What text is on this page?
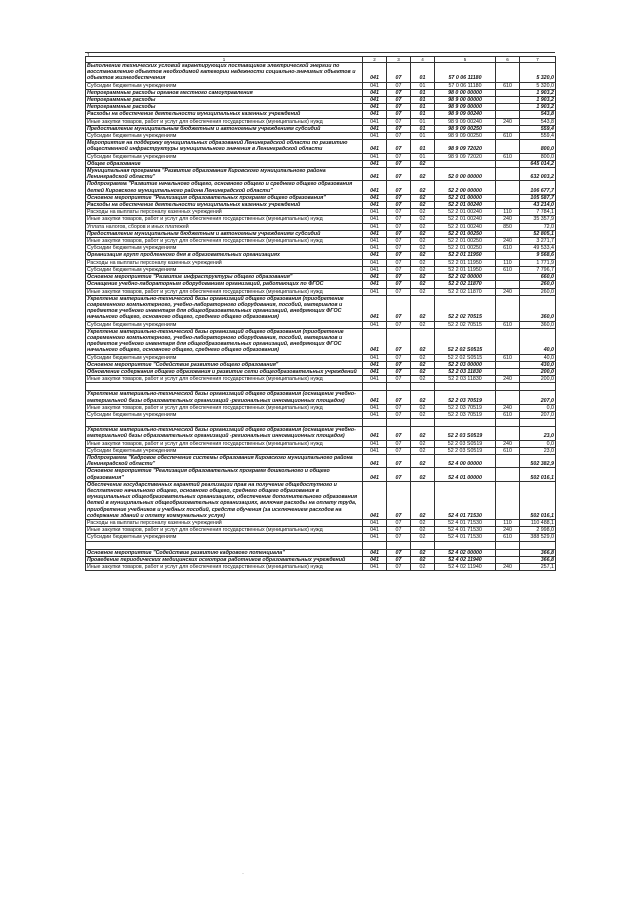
1
1	2	3	4	5	6	7
Выполнение технических условий гарантирующих поставщиков электрической энергии по восстановлению объектов необходимой категории надежности социально-значимых объектов и объектов жизнеобеспечения	041	07	01	57 0 06 11180		5 320,0
Субсидии бюджетным учреждениям	041	07	01	57 0 06 11180	610	5 320,0
Непрограммные расходы органов местного самоуправления	041	07	01	98 0 00 00000		1 903,2
Непрограммные расходы	041	07	01	98 9 00 00000		1 903,2
Непрограммные расходы	041	07	01	98 9 09 00000		1 903,2
Расходы на обеспечение деятельности муниципальных казенных учреждений	041	07	01	98 9 09 00240		543,8
Иные закупки товаров, работ и услуг для обеспечения государственных (муниципальных) нужд	041	07	01	98 9 09 00240	240	543,8
Предоставление муниципальным бюджетным и автономным учреждениям субсидий	041	07	01	98 9 09 00250		559,4
Субсидии бюджетным учреждениям	041	07	01	98 9 09 00250	610	559,4
Мероприятия на поддержку муниципальных образований Ленинградской области по развитию общественной инфраструктуры муниципального значения в Ленинградской области	041	07	01	98 9 09 72020		800,0
Субсидии бюджетным учреждениям	041	07	01	98 9 09 72020	610	800,0
Общее образование	041	07	02			645 014,2
Муниципальная программа "Развитие образования Кировского муниципального района Ленинградской области"	041	07	02	52 0 00 00000		632 003,2
Подпрограмма "Развитие начального общего, основного общего и среднего общего образования детей Кировского муниципального района Ленинградской области"	041	07	02	52 2 00 00000		106 677,7
Основное мероприятие "Реализация образовательных программ общего образования"	041	07	02	52 2 01 00000		105 587,7
Расходы на обеспечение деятельности муниципальных казенных учреждений	041	07	02	52 2 01 00240		43 214,0
Расходы на выплаты персоналу казенных учреждений	041	07	02	52 2 01 00240	110	7 784,1
Иные закупки товаров, работ и услуг для обеспечения государственных (муниципальных) нужд	041	07	02	52 2 01 00240	240	35 357,9
Уплата налогов, сборов и иных платежей	041	07	02	52 2 01 00240	850	72,0
Предоставление муниципальным бюджетным и автономным учреждениям субсидий	041	07	02	52 2 01 00250		52 805,1
Иные закупки товаров, работ и услуг для обеспечения государственных (муниципальных) нужд	041	07	02	52 2 01 00250	240	3 271,7
Субсидии бюджетным учреждениям	041	07	02	52 2 01 00250	610	49 533,4
Организация групп продленного дня в образовательных организациях	041	07	02	52 2 01 11950		9 568,6
Расходы на выплаты персоналу казенных учреждений	041	07	02	52 2 01 11950	110	1 771,9
Субсидии бюджетным учреждениям	041	07	02	52 2 01 11950	610	7 796,7
Основное мероприятие "Развитие инфраструктуры общего образования"	041	07	02	52 2 02 00000		660,0
Оснащение учебно-лабораторным оборудованием организаций, работающих по ФГОС	041	07	02	52 2 02 11870		260,0
Иные закупки товаров, работ и услуг для обеспечения государственных (муниципальных) нужд	041	07	02	52 2 02 11870	240	260,0
Укрепление материально-технической базы организаций общего образования (приобретение современного компьютерного, учебно-лабораторного оборудования, пособий, материалов и предметов учебного инвентаря для общеобразовательных организаций, внедряющих ФГОС начального общего, основного общего, среднего общего образования)	041	07	02	52 2 02 70515		360,0
Субсидии бюджетным учреждениям	041	07	02	52 2 02 70515	610	360,0
Укрепление материально-технической базы организаций общего образования (приобретение современного компьютерного, учебно-лабораторного оборудования, пособий, материалов и предметов учебного инвентаря для общеобразовательных организаций, внедряющих ФГОС начального общего, основного общего, среднего общего образования)	041	07	02	52 2 02 S0515		40,0
Субсидии бюджетным учреждениям	041	07	02	52 2 02 S0515	610	40,0
Основное мероприятие "Содействие развитию общего образования"	041	07	02	52 2 03 00000		430,0
Обновление содержания общего образования и развитие сети общеобразовательных учреждений	041	07	02	52 2 03 11830		200,0
Иные закупки товаров, работ и услуг для обеспечения государственных (муниципальных) нужд	041	07	02	52 2 03 11830	240	200,0

Укрепление материально-технической базы организаций общего образования (оснащение учебно-материальной базы образовательных организаций -региональных инновационных площадок)	041	07	02	52 2 03 70519		207,0
Иные закупки товаров, работ и услуг для обеспечения государственных (муниципальных) нужд	041	07	02	52 2 03 70519	240	0,0
Субсидии бюджетным учреждениям	041	07	02	52 2 03 70519	610	207,0

Укрепление материально-технической базы организаций общего образования (оснащение учебно-материальной базы образовательных организаций -региональных инновационных площадок)	041	07	02	52 2 03 S0519		23,0
Иные закупки товаров, работ и услуг для обеспечения государственных (муниципальных) нужд	041	07	02	52 2 03 S0519	240	0,0
Субсидии бюджетным учреждениям	041	07	02	52 2 03 S0519	610	23,0
Подпрограмма "Кадровое обеспечение системы образования Кировского муниципального района Ленинградской области"	041	07	02	52 4 00 00000		502 382,9
Основное мероприятие "Реализация образовательных программ дошкольного и общего образования"	041	07	02	52 4 01 00000		502 016,1
Обеспечение государственных гарантий реализации прав на получение общедоступного и бесплатного начального общего, основного общего, среднего общего образования в муниципальных общеобразовательных организациях, обеспечение дополнительного образования детей в муниципальных общеобразовательных организациях, включая расходы на оплату труда, приобретение учебников и учебных пособий, средств обучения (за исключением расходов на содержание зданий и оплату коммунальных услуг)	041	07	02	52 4 01 71530		502 016,1
Расходы на выплаты персоналу казенных учреждений	041	07	02	52 4 01 71530	110	110 488,1
Иные закупки товаров, работ и услуг для обеспечения государственных (муниципальных) нужд	041	07	02	52 4 01 71530	240	2 998,0
Субсидии бюджетным учреждениям	041	07	02	52 4 01 71530	610	388 529,0

Основное мероприятие "Содействие развитию кадрового потенциала"	041	07	02	52 4 02 00000		366,8
Проведение периодических медицинских осмотров работников образовательных учреждений	041	07	02	52 4 02 11940		366,8
Иные закупки товаров, работ и услуг для обеспечения государственных (муниципальных) нужд	041	07	02	52 4 02 11940	240	257,1
·
